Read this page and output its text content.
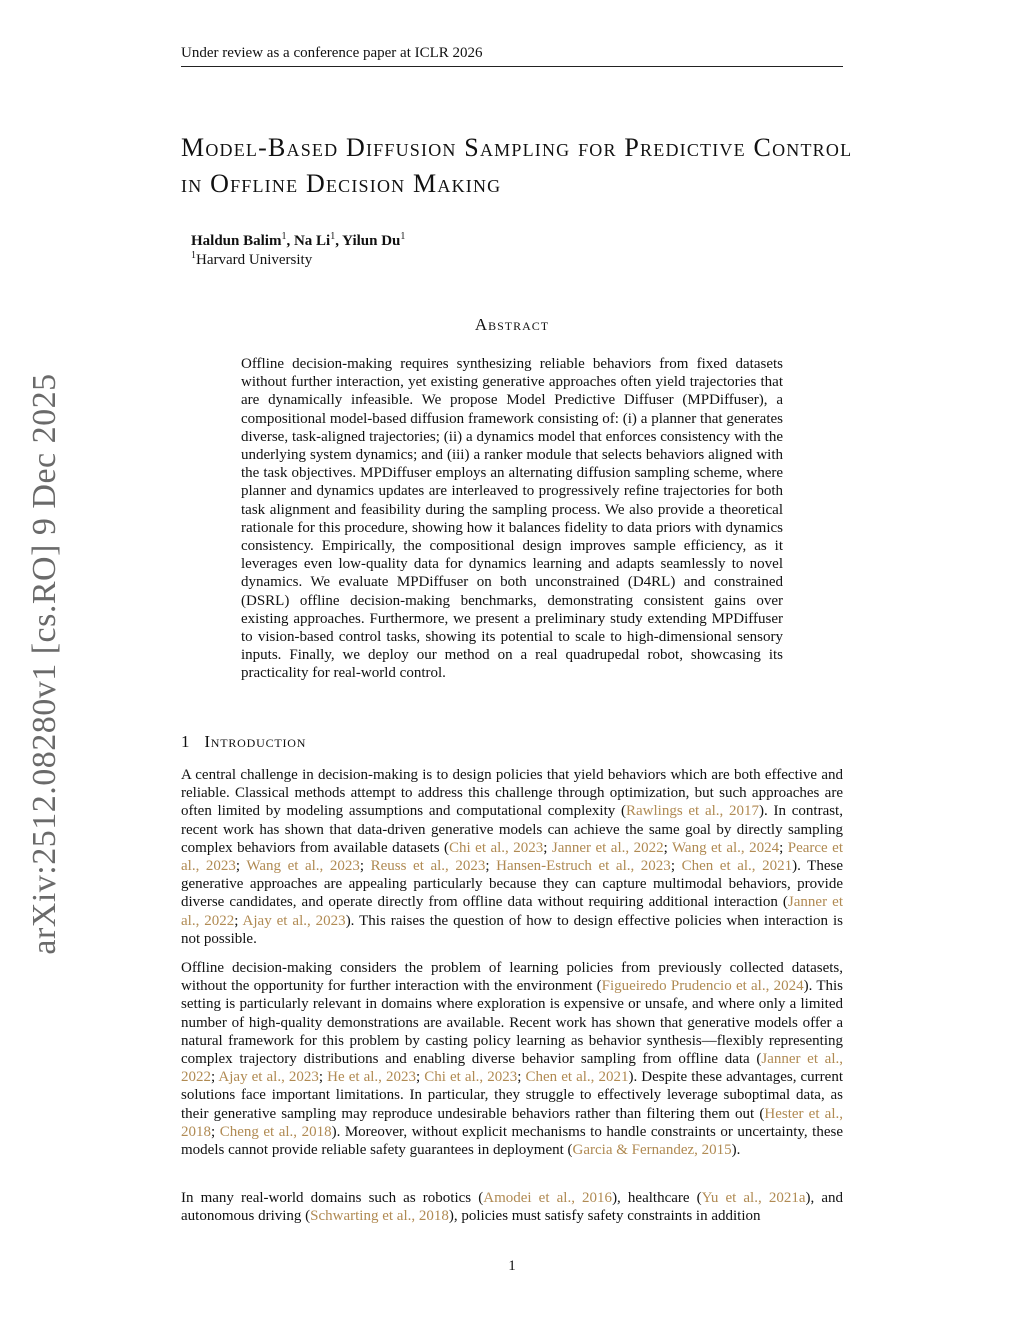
Under review as a conference paper at ICLR 2026
arXiv:2512.08280v1 [cs.RO] 9 Dec 2025
Model-Based Diffusion Sampling for Predictive Control in Offline Decision Making
Haldun Balim$^1$, Na Li$^1$, Yilun Du$^1$
$^1$Harvard University
Abstract

Offline decision-making requires synthesizing reliable behaviors from fixed datasets without further interaction, yet existing generative approaches often yield trajectories that are dynamically infeasible. We propose Model Predictive Diffuser (MPDiffuser), a compositional model-based diffusion framework consisting of: (i) a planner that generates diverse, task-aligned trajectories; (ii) a dynamics model that enforces consistency with the underlying system dynamics; and (iii) a ranker module that selects behaviors aligned with the task objectives. MPDiffuser employs an alternating diffusion sampling scheme, where planner and dynamics updates are interleaved to progressively refine trajectories for both task alignment and feasibility during the sampling process. We also provide a theoretical rationale for this procedure, showing how it balances fidelity to data priors with dynamics consistency. Empirically, the compositional design improves sample efficiency, as it leverages even low-quality data for dynamics learning and adapts seamlessly to novel dynamics. We evaluate MPDiffuser on both unconstrained (D4RL) and constrained (DSRL) offline decision-making benchmarks, demonstrating consistent gains over existing approaches. Furthermore, we present a preliminary study extending MPDiffuser to vision-based control tasks, showing its potential to scale to high-dimensional sensory inputs. Finally, we deploy our method on a real quadrupedal robot, showcasing its practicality for real-world control.

1 Introduction

A central challenge in decision-making is to design policies that yield behaviors which are both effective and reliable. Classical methods attempt to address this challenge through optimization, but such approaches are often limited by modeling assumptions and computational complexity (Rawlings et al., 2017). In contrast, recent work has shown that data-driven generative models can achieve the same goal by directly sampling complex behaviors from available datasets (Chi et al., 2023; Janner et al., 2022; Wang et al., 2024; Pearce et al., 2023; Wang et al., 2023; Reuss et al., 2023; Hansen-Estruch et al., 2023; Chen et al., 2021). These generative approaches are appealing particularly because they can capture multimodal behaviors, provide diverse candidates, and operate directly from offline data without requiring additional interaction (Janner et al., 2022; Ajay et al., 2023). This raises the question of how to design effective policies when interaction is not possible.

Offline decision-making considers the problem of learning policies from previously collected datasets, without the opportunity for further interaction with the environment (Figueiredo Prudencio et al., 2024). This setting is particularly relevant in domains where exploration is expensive or unsafe, and where only a limited number of high-quality demonstrations are available. Recent work has shown that generative models offer a natural framework for this problem by casting policy learning as behavior synthesis—flexibly representing complex trajectory distributions and enabling diverse behavior sampling from offline data (Janner et al., 2022; Ajay et al., 2023; He et al., 2023; Chi et al., 2023; Chen et al., 2021). Despite these advantages, current solutions face important limitations. In particular, they struggle to effectively leverage suboptimal data, as their generative sampling may reproduce undesirable behaviors rather than filtering them out (Hester et al., 2018; Cheng et al., 2018). Moreover, without explicit mechanisms to handle constraints or uncertainty, these models cannot provide reliable safety guarantees in deployment (Garcia & Fernandez, 2015).

In many real-world domains such as robotics (Amodei et al., 2016), healthcare (Yu et al., 2021a), and autonomous driving (Schwarting et al., 2018), policies must satisfy safety constraints in addition

1
